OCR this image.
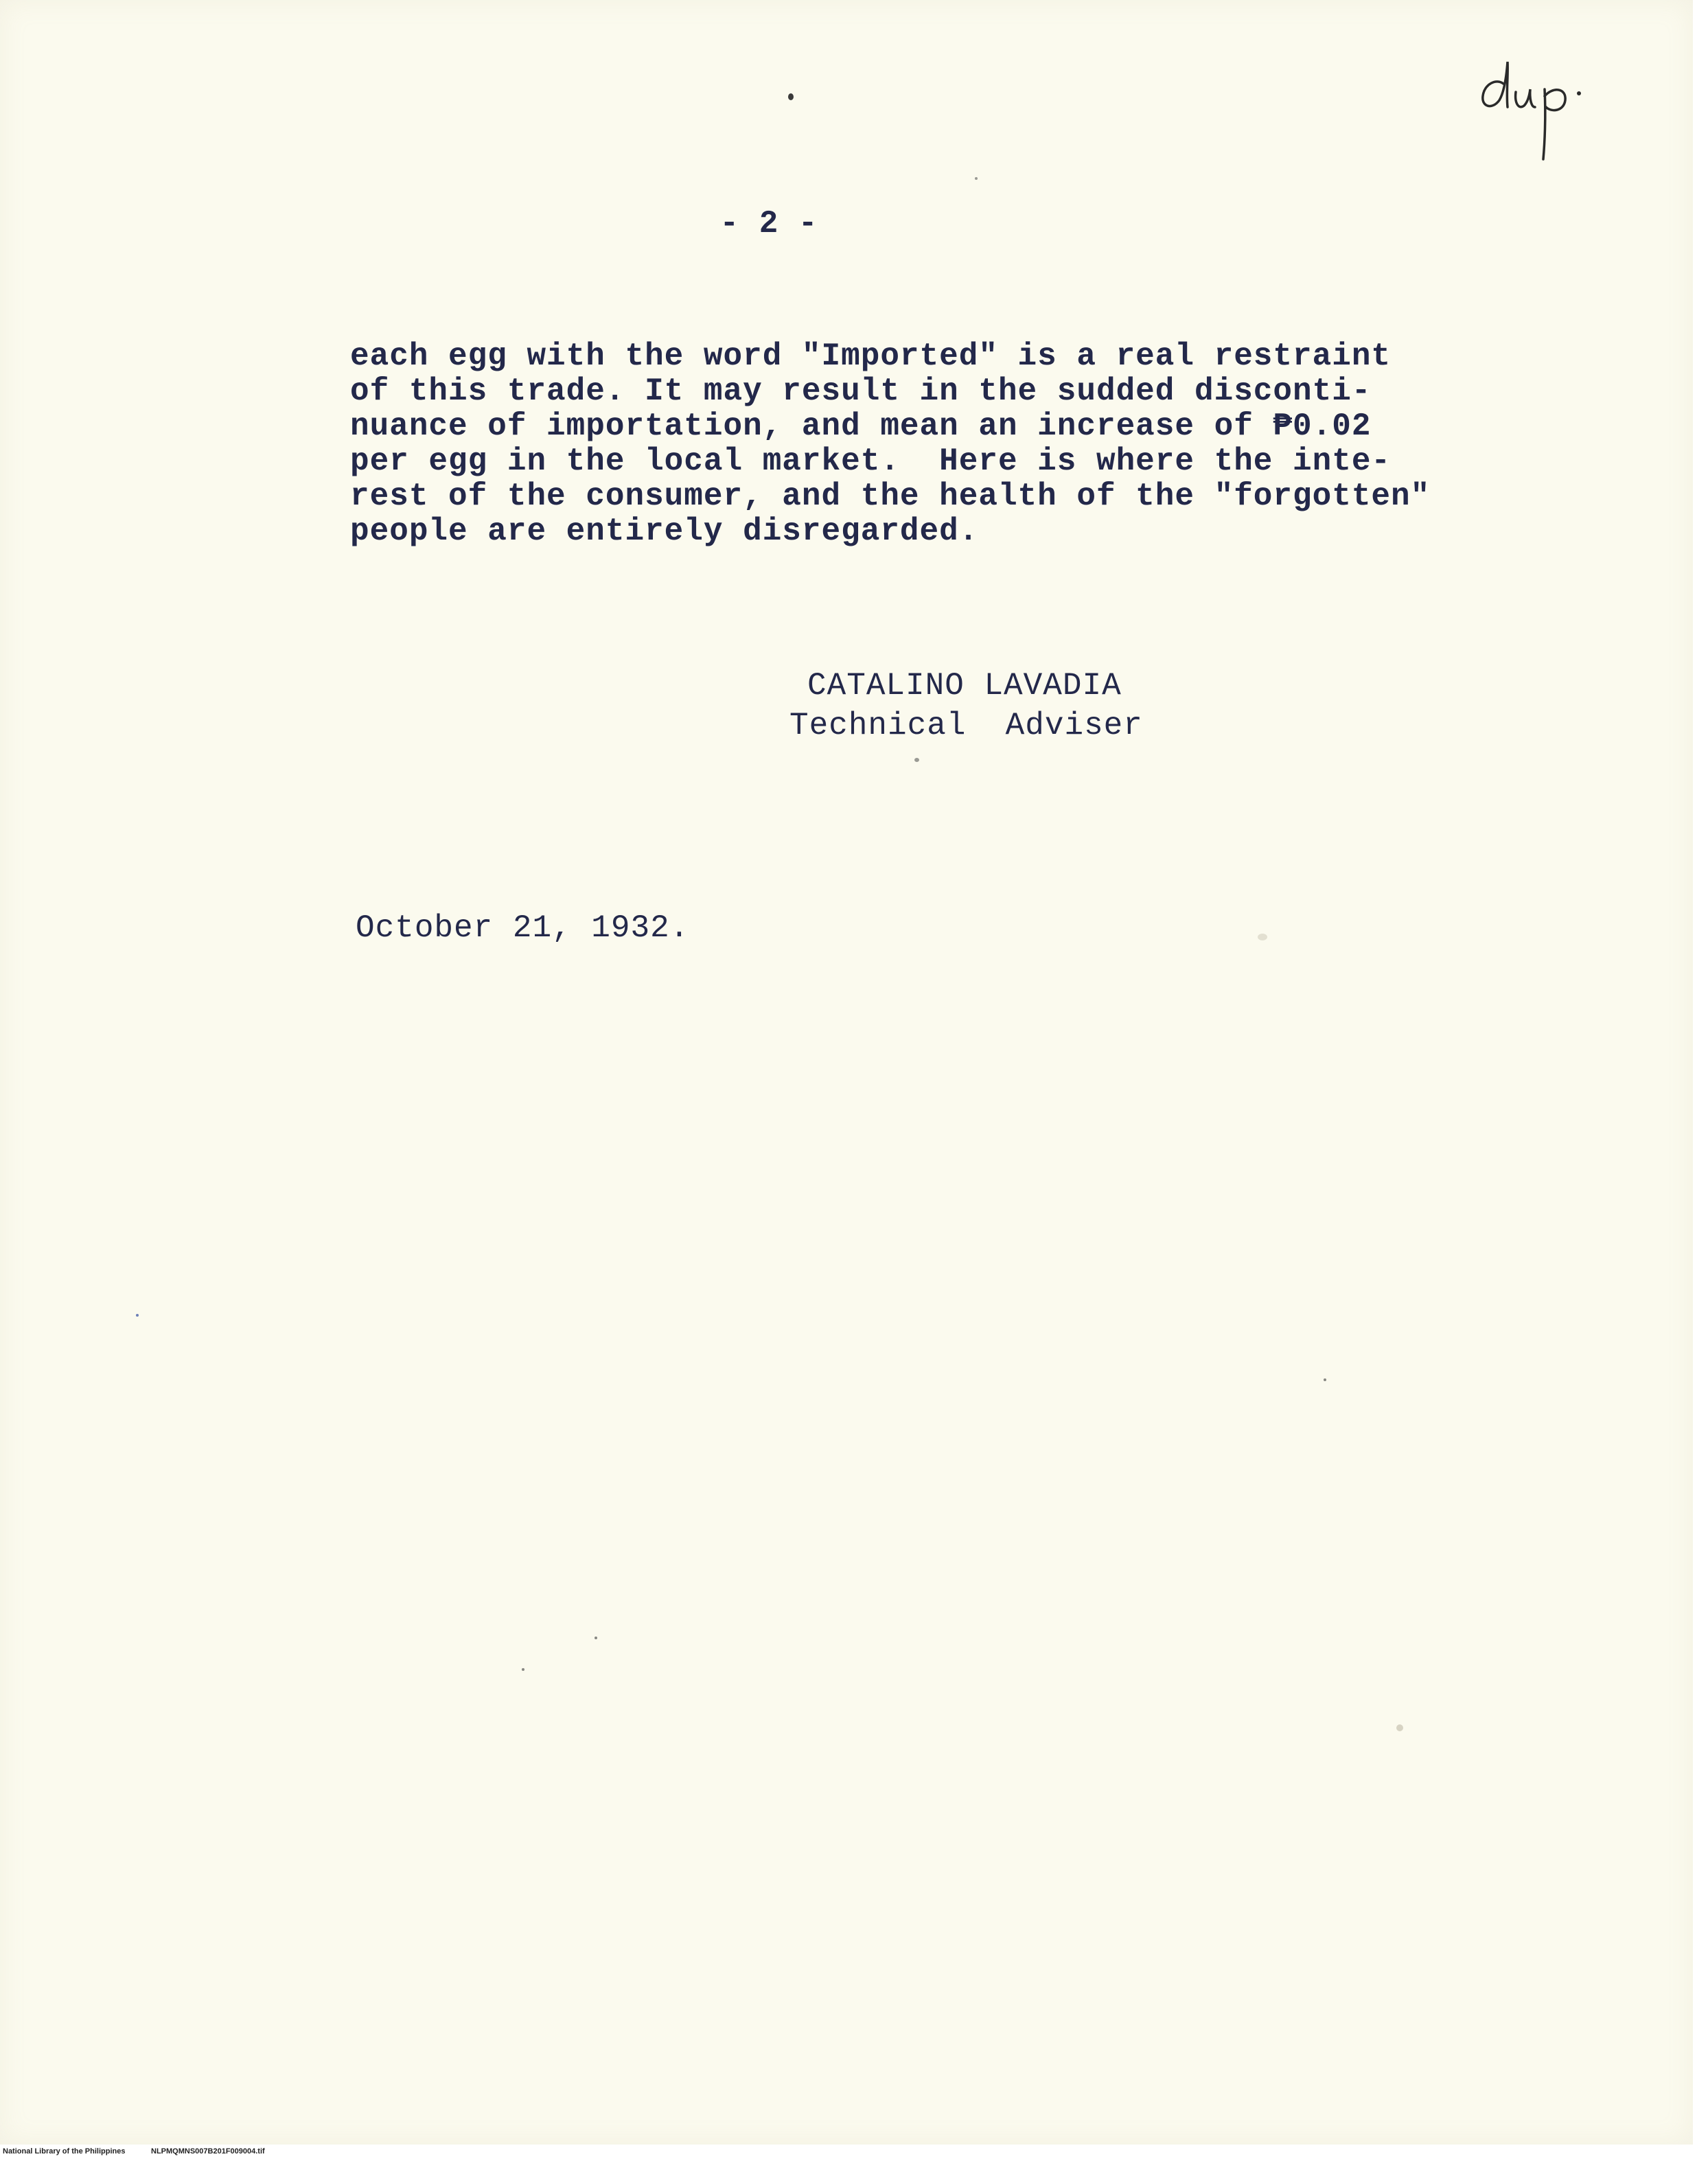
- 2 -
each egg with the word "Imported" is a real restraint
of this trade. It may result in the sudded disconti-
nuance of importation, and mean an increase of ₱0.02
per egg in the local market.  Here is where the inte-
rest of the consumer, and the health of the "forgotten"
people are entirely disregarded.
CATALINO LAVADIA
Technical  Adviser
October 21, 1932.
National Library of the Philippines	NLPMQMNS007B201F009004.tif
